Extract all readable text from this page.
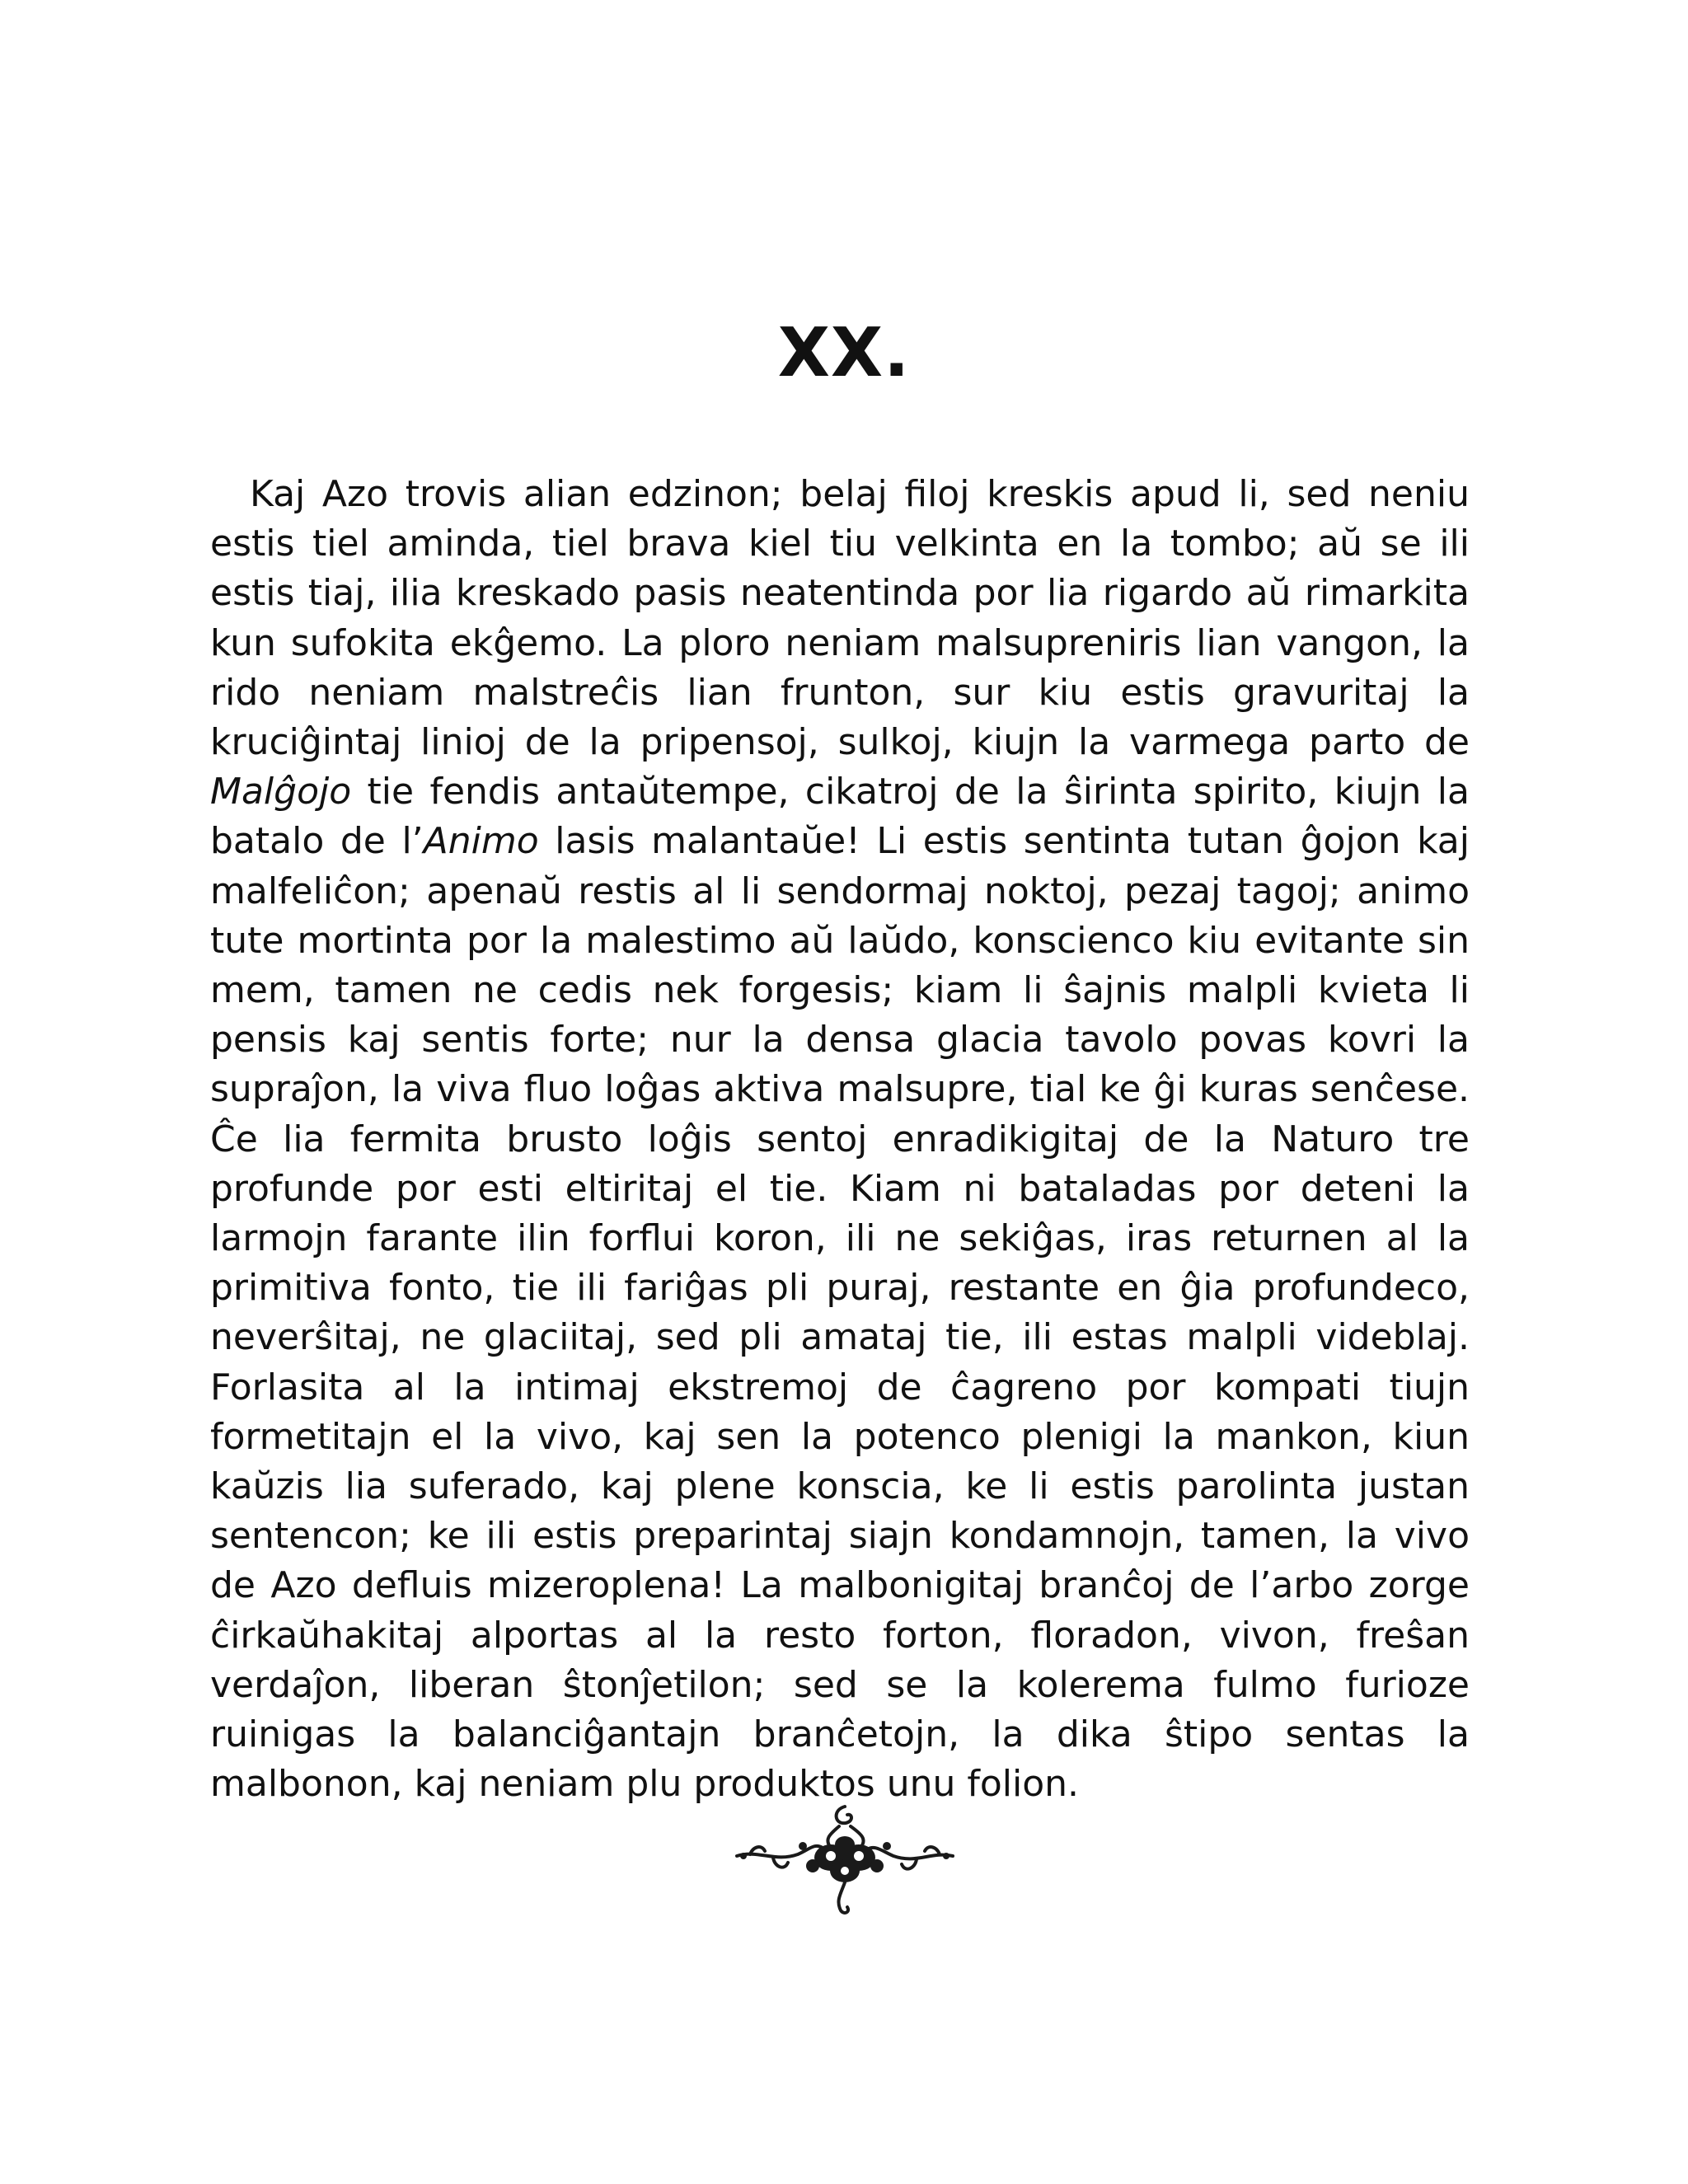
XX.

Kaj Azo trovis alian edzinon; belaj filoj kreskis apud li, sed neniu estis tiel aminda, tiel brava kiel tiu velkinta en la tombo; aŭ se ili estis tiaj, ilia kreskado pasis neatentinda por lia rigardo aŭ rimarkita kun sufokita ekĝemo. La ploro neniam malsupreniris lian vangon, la rido neniam malstreĉis lian frunton, sur kiu estis gravuritaj la kruciĝintaj linioj de la pripensoj, sulkoj, kiujn la varmega parto de Malĝojo tie fendis antaŭtempe, cikatroj de la ŝirinta spirito, kiujn la batalo de l’Animo lasis malantaŭe! Li estis sentinta tutan ĝojon kaj malfeliĉon; apenaŭ restis al li sendormaj noktoj, pezaj tagoj; animo tute mortinta por la malestimo aŭ laŭdo, konscienco kiu evitante sin mem, tamen ne cedis nek forgesis; kiam li ŝajnis malpli kvieta li pensis kaj sentis forte; nur la densa glacia tavolo povas kovri la supraĵon, la viva fluo loĝas aktiva malsupre, tial ke ĝi kuras senĉese. Ĉe lia fermita brusto loĝis sentoj enradikigitaj de la Naturo tre profunde por esti eltiritaj el tie. Kiam ni bataladas por deteni la larmojn farante ilin forflui koron, ili ne sekiĝas, iras returnen al la primitiva fonto, tie ili fariĝas pli puraj, restante en ĝia profundeco, neverŝitaj, ne glaciitaj, sed pli amataj tie, ili estas malpli videblaj. Forlasita al la intimaj ekstremoj de ĉagreno por kompati tiujn formetitajn el la vivo, kaj sen la potenco plenigi la mankon, kiun kaŭzis lia suferado, kaj plene konscia, ke li estis parolinta justan sentencon; ke ili estis preparintaj siajn kondamnojn, tamen, la vivo de Azo defluis mizeroplena! La malbonigitaj branĉoj de l’arbo zorge ĉirkaŭhakitaj alportas al la resto forton, floradon, vivon, freŝan verdaĵon, liberan ŝtonĵetilon; sed se la kolerema fulmo furioze ruinigas la balanciĝantajn branĉetojn, la dika ŝtipo sentas la malbonon, kaj neniam plu produktos unu folion.
